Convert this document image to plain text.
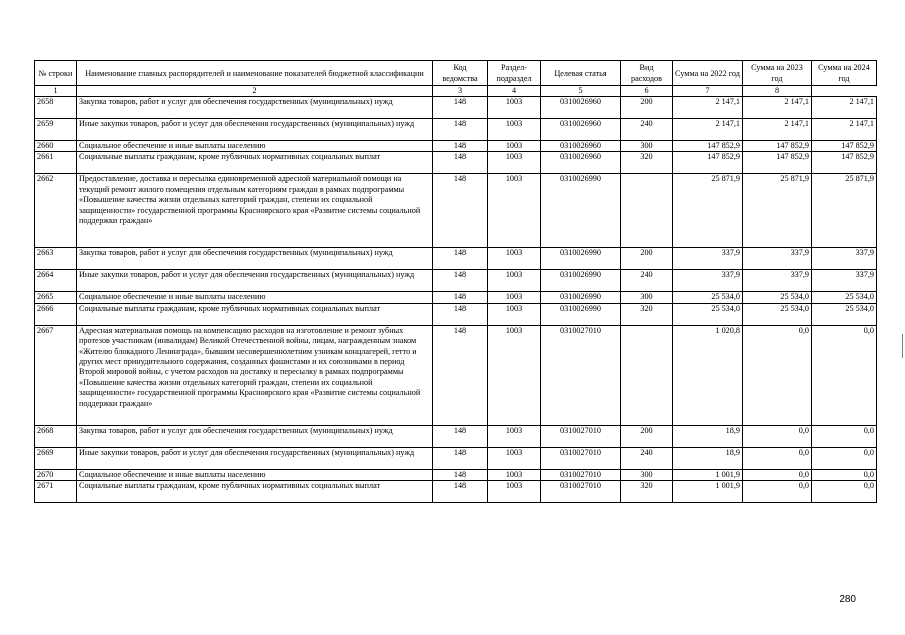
№ строки	Наименование главных распорядителей и наименование показателей бюджетной классификации	Код ведомства	Раздел-подраздел	Целевая статья	Вид расходов	Сумма на 2022 год	Сумма на 2023 год	Сумма на 2024 год
1	2	3	4	5	6	7	8
2658	Закупка товаров, работ и услуг для обеспечения государственных (муниципальных) нужд	148	1003	0310026960	200	2 147,1	2 147,1	2 147,1
2659	Иные закупки товаров, работ и услуг для обеспечения государственных (муниципальных) нужд	148	1003	0310026960	240	2 147,1	2 147,1	2 147,1
2660	Социальное обеспечение и иные выплаты населению	148	1003	0310026960	300	147 852,9	147 852,9	147 852,9
2661	Социальные выплаты гражданам, кроме публичных нормативных социальных выплат	148	1003	0310026960	320	147 852,9	147 852,9	147 852,9
2662	Предоставление, доставка и пересылка единовременной адресной материальной помощи на текущий ремонт жилого помещения отдельным категориям граждан в рамках подпрограммы «Повышение качества жизни отдельных категорий граждан, степени их социальной защищенности» государственной программы Красноярского края «Развитие системы социальной поддержки граждан»	148	1003	0310026990		25 871,9	25 871,9	25 871,9
2663	Закупка товаров, работ и услуг для обеспечения государственных (муниципальных) нужд	148	1003	0310026990	200	337,9	337,9	337,9
2664	Иные закупки товаров, работ и услуг для обеспечения государственных (муниципальных) нужд	148	1003	0310026990	240	337,9	337,9	337,9
2665	Социальное обеспечение и иные выплаты населению	148	1003	0310026990	300	25 534,0	25 534,0	25 534,0
2666	Социальные выплаты гражданам, кроме публичных нормативных социальных выплат	148	1003	0310026990	320	25 534,0	25 534,0	25 534,0
2667	Адресная материальная помощь на компенсацию расходов на изготовление и ремонт зубных протезов участникам (инвалидам) Великой Отечественной войны, лицам, награжденным знаком «Жителю блокадного Ленинграда», бывшим несовершеннолетним узникам концлагерей, гетто и других мест принудительного содержания, созданных фашистами и их союзниками в период Второй мировой войны, с учетом расходов на доставку и пересылку в рамках подпрограммы «Повышение качества жизни отдельных категорий граждан, степени их социальной защищенности» государственной программы Красноярского края «Развитие системы социальной поддержки граждан»	148	1003	0310027010		1 020,8	0,0	0,0
2668	Закупка товаров, работ и услуг для обеспечения государственных (муниципальных) нужд	148	1003	0310027010	200	18,9	0,0	0,0
2669	Иные закупки товаров, работ и услуг для обеспечения государственных (муниципальных) нужд	148	1003	0310027010	240	18,9	0,0	0,0
2670	Социальное обеспечение и иные выплаты населению	148	1003	0310027010	300	1 001,9	0,0	0,0
2671	Социальные выплаты гражданам, кроме публичных нормативных социальных выплат	148	1003	0310027010	320	1 001,9	0,0	0,0
280
